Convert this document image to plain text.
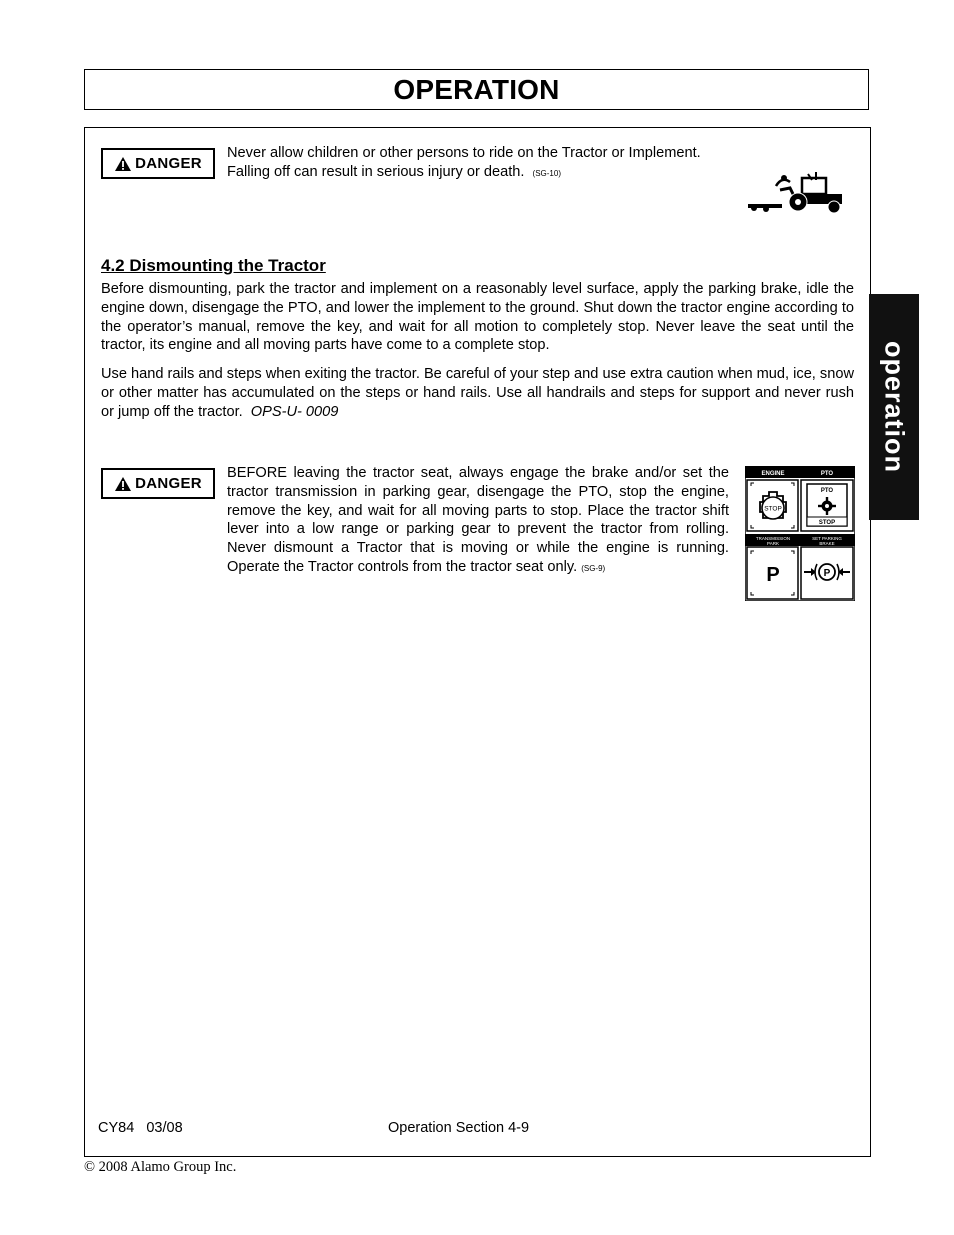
OPERATION
operation
DANGER
Never allow children or other persons to ride on the Tractor or Implement.
Falling off can result in serious injury or death. (SG-10)
4.2 Dismounting the Tractor
Before dismounting, park the tractor and implement on a reasonably level surface, apply the parking brake, idle the engine down, disengage the PTO, and lower the implement to the ground. Shut down the tractor engine according to the operator’s manual, remove the key, and wait for all motion to completely stop. Never leave the seat until the tractor, its engine and all moving parts have come to a complete stop.
Use hand rails and steps when exiting the tractor. Be careful of your step and use extra caution when mud, ice, snow or other matter has accumulated on the steps or hand rails. Use all handrails and steps for support and never rush or jump off the tractor. OPS-U- 0009
DANGER
BEFORE leaving the tractor seat, always engage the brake and/or set the tractor transmission in parking gear, disengage the PTO, stop the engine, remove the key, and wait for all moving parts to stop. Place the tractor shift lever into a low range or parking gear to prevent the tractor from rolling. Never dismount a Tractor that is moving or while the engine is running. Operate the Tractor controls from the tractor seat only. (SG-9)
ENGINE	PTO
STOP
PTO
STOP
TRANSMISSION
PARK
SET PARKING
BRAKE
P	P
CY84   03/08	Operation Section 4-9
© 2008 Alamo Group Inc.
